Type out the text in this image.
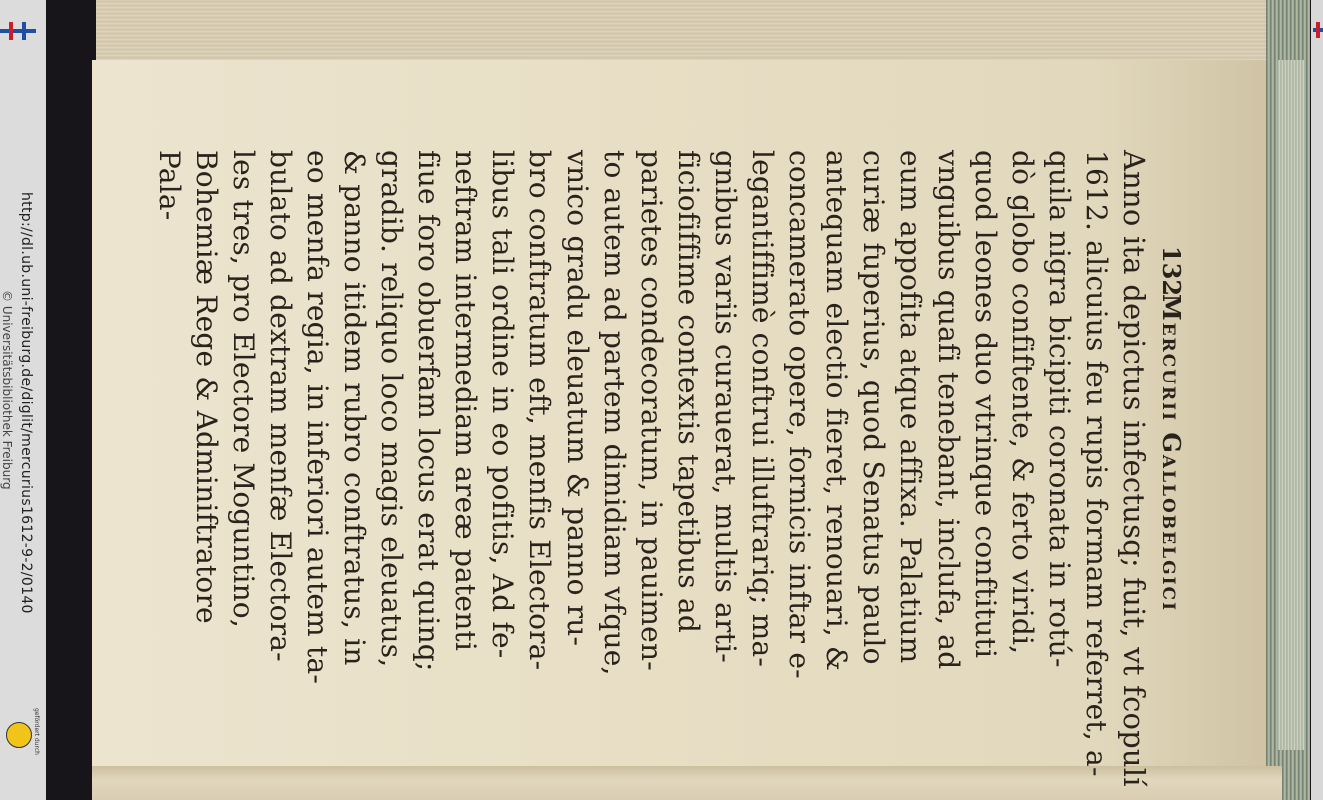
http://dl.ub.uni-freiburg.de/diglit/mercurius1612-9-2/0140
© Universitätsbibliothek Freiburg
gefördert durch
132
Mercurii Gallobelgici
Anno ita depictus infectusq; fuit, vt fcopulí
1612. alicuius feu rupis formam referret, a-
quila nigra bicipiti coronata in rotú-
dò globo confiftente, & ferto viridi,
quod leones duo vtrinque conftituti
vnguibus quafi tenebant, inclufa, ad
eum appofita atque affixa. Palatium
curiæ fuperius, quod Senatus paulo
antequam electio fieret, renouari, &
concamerato opere, fornicis inftar e-
legantiffimè conftrui illuftrariq; ma-
gnibus variis curauerat, multis arti-
ficiofiffime contextis tapetibus ad
parietes condecoratum, in pauimen-
to autem ad partem dimidiam vfque,
vnico gradu eleuatum & panno ru-
bro conftratum eft, menfis Electora-
libus tali ordine in eo pofitis, Ad fe-
neftram intermediam areæ patenti
fiue foro obuerfam locus erat quinq;
gradib. reliquo loco magis eleuatus,
& panno itidem rubro conftratus, in
eo menfa regia, in inferiori autem ta-
bulato ad dextram menfæ Electora-
les tres, pro Electore Moguntino,
Bohemiæ Rege & Adminiftratore
Pala-
